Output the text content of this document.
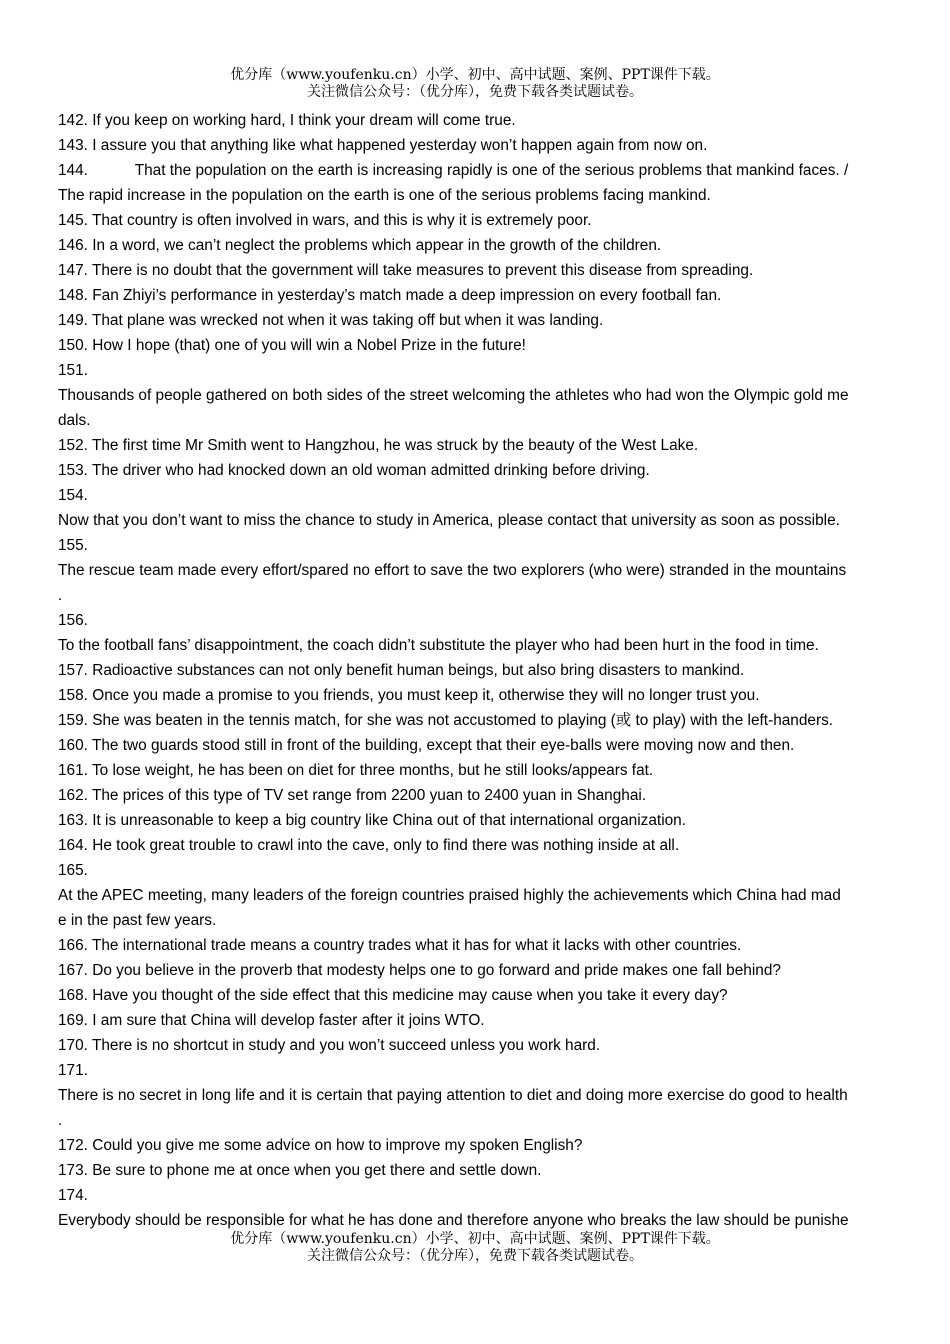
优分库（www.youfenku.cn）小学、初中、高中试题、案例、PPT课件下载。
关注微信公众号：（优分库），免费下载各类试题试卷。
142. If you keep on working hard, I think your dream will come true.
143. I assure you that anything like what happened yesterday won’t happen again from now on.
144.           That the population on the earth is increasing rapidly is one of the serious problems that mankind faces. /
The rapid increase in the population on the earth is one of the serious problems facing mankind.
145. That country is often involved in wars, and this is why it is extremely poor.
146. In a word, we can’t neglect the problems which appear in the growth of the children.
147. There is no doubt that the government will take measures to prevent this disease from spreading.
148. Fan Zhiyi’s performance in yesterday’s match made a deep impression on every football fan.
149. That plane was wrecked not when it was taking off but when it was landing.
150. How I hope (that) one of you will win a Nobel Prize in the future!
151.
Thousands of people gathered on both sides of the street welcoming the athletes who had won the Olympic gold me
dals.
152. The first time Mr Smith went to Hangzhou, he was struck by the beauty of the West Lake.
153. The driver who had knocked down an old woman admitted drinking before driving.
154.
Now that you don’t want to miss the chance to study in America, please contact that university as soon as possible.
155.
The rescue team made every effort/spared no effort to save the two explorers (who were) stranded in the mountains
.
156.
To the football fans’ disappointment, the coach didn’t substitute the player who had been hurt in the food in time.
157. Radioactive substances can not only benefit human beings, but also bring disasters to mankind.
158. Once you made a promise to you friends, you must keep it, otherwise they will no longer trust you.
159. She was beaten in the tennis match, for she was not accustomed to playing (或 to play) with the left-handers.
160. The two guards stood still in front of the building, except that their eye-balls were moving now and then.
161. To lose weight, he has been on diet for three months, but he still looks/appears fat.
162. The prices of this type of TV set range from 2200 yuan to 2400 yuan in Shanghai.
163. It is unreasonable to keep a big country like China out of that international organization.
164. He took great trouble to crawl into the cave, only to find there was nothing inside at all.
165.
At the APEC meeting, many leaders of the foreign countries praised highly the achievements which China had mad
e in the past few years.
166. The international trade means a country trades what it has for what it lacks with other countries.
167. Do you believe in the proverb that modesty helps one to go forward and pride makes one fall behind?
168. Have you thought of the side effect that this medicine may cause when you take it every day?
169. I am sure that China will develop faster after it joins WTO.
170. There is no shortcut in study and you won’t succeed unless you work hard.
171.
There is no secret in long life and it is certain that paying attention to diet and doing more exercise do good to health
.
172. Could you give me some advice on how to improve my spoken English?
173. Be sure to phone me at once when you get there and settle down.
174.
Everybody should be responsible for what he has done and therefore anyone who breaks the law should be punishe
优分库（www.youfenku.cn）小学、初中、高中试题、案例、PPT课件下载。
关注微信公众号：（优分库），免费下载各类试题试卷。
